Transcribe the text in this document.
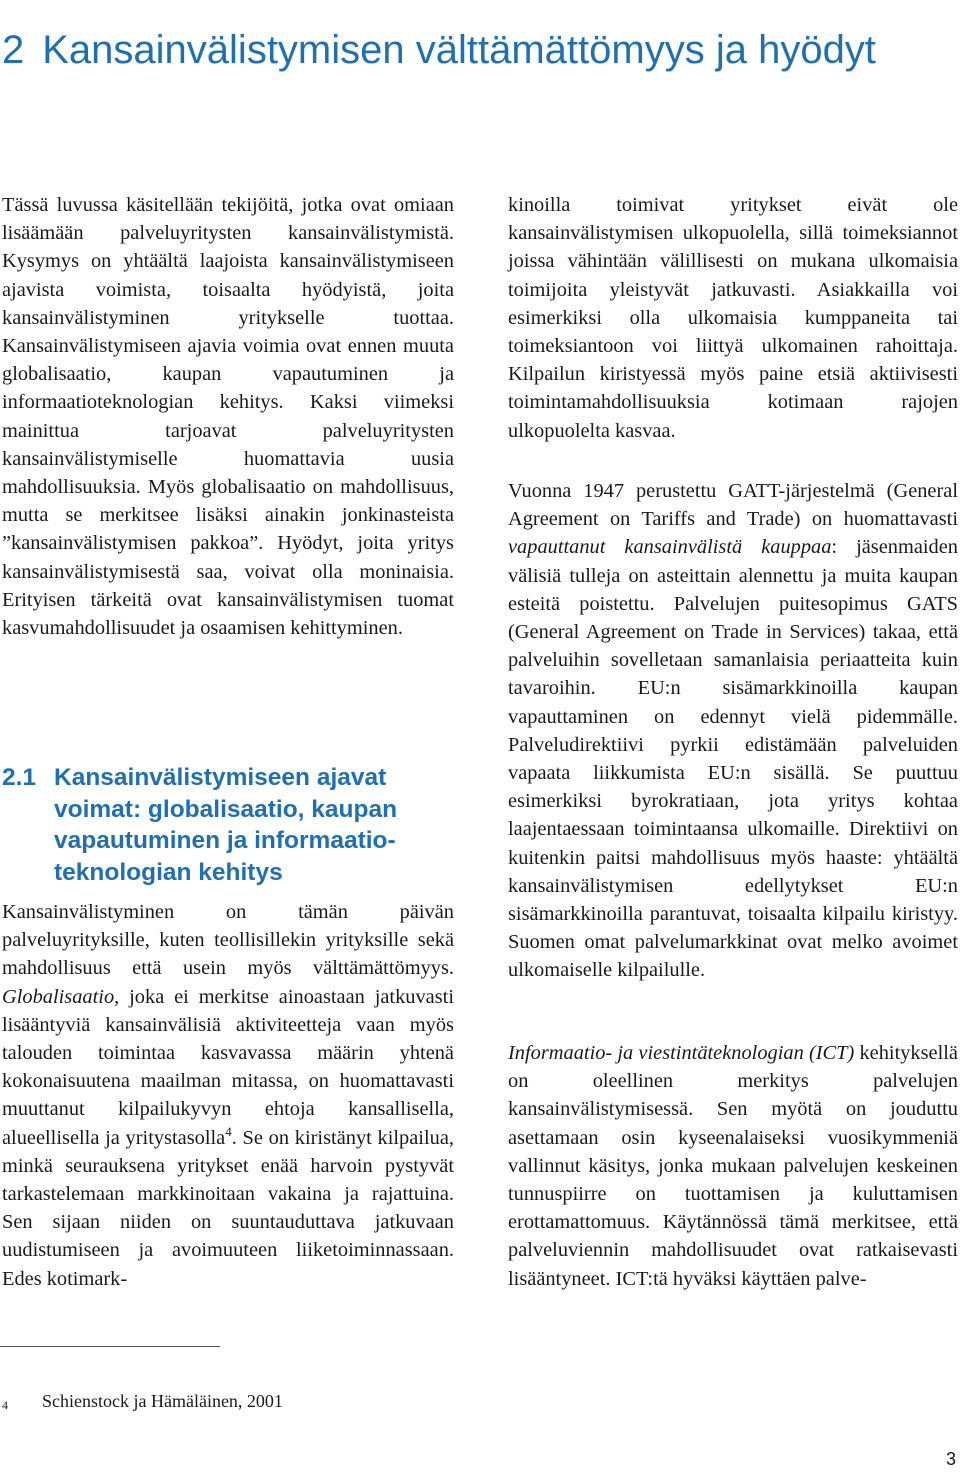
2 Kansainvälistymisen välttämättömyys ja hyödyt

Tässä luvussa käsitellään tekijöitä, jotka ovat omiaan lisäämään palveluyritysten kansainvälistymistä. Kysymys on yhtäältä laajoista kansainvälistymiseen ajavista voimista, toisaalta hyödyistä, joita kansainvälistyminen yritykselle tuottaa. Kansainvälistymiseen ajavia voimia ovat ennen muuta globalisaatio, kaupan vapautuminen ja informaatioteknologian kehitys. Kaksi viimeksi mainittua tarjoavat palveluyritysten kansainvälistymiselle huomattavia uusia mahdollisuuksia. Myös globalisaatio on mahdollisuus, mutta se merkitsee lisäksi ainakin jonkinasteista ”kansainvälistymisen pakkoa”. Hyödyt, joita yritys kansainvälistymisestä saa, voivat olla moninaisia. Erityisen tärkeitä ovat kansainvälistymisen tuomat kasvumahdollisuudet ja osaamisen kehittyminen.

2.1 Kansainvälistymiseen ajavat voimat: globalisaatio, kaupan vapautuminen ja informaatio-teknologian kehitys

Kansainvälistyminen on tämän päivän palveluyrityksille, kuten teollisillekin yrityksille sekä mahdollisuus että usein myös välttämättömyys. Globalisaatio, joka ei merkitse ainoastaan jatkuvasti lisääntyviä kansainvälisiä aktiviteetteja vaan myös talouden toimintaa kasvavassa määrin yhtenä kokonaisuutena maailman mitassa, on huomattavasti muuttanut kilpailukyvyn ehtoja kansallisella, alueellisella ja yritystasolla$^4$. Se on kiristänyt kilpailua, minkä seurauksena yritykset enää harvoin pystyvät tarkastelemaan markkinoitaan vakaina ja rajattuina. Sen sijaan niiden on suuntauduttava jatkuvaan uudistumiseen ja avoimuuteen liiketoiminnassaan. Edes kotimark-

kinoilla toimivat yritykset eivät ole kansainvälistymisen ulkopuolella, sillä toimeksiannot joissa vähintään välillisesti on mukana ulkomaisia toimijoita yleistyvät jatkuvasti. Asiakkailla voi esimerkiksi olla ulkomaisia kumppaneita tai toimeksiantoon voi liittyä ulkomainen rahoittaja. Kilpailun kiristyessä myös paine etsiä aktiivisesti toimintamahdollisuuksia kotimaan rajojen ulkopuolelta kasvaa.

Vuonna 1947 perustettu GATT-järjestelmä (General Agreement on Tariffs and Trade) on huomattavasti vapauttanut kansainvälistä kauppaa: jäsenmaiden välisiä tulleja on asteittain alennettu ja muita kaupan esteitä poistettu. Palvelujen puitesopimus GATS (General Agreement on Trade in Services) takaa, että palveluihin sovelletaan samanlaisia periaatteita kuin tavaroihin. EU:n sisämarkkinoilla kaupan vapauttaminen on edennyt vielä pidemmälle. Palveludirektiivi pyrkii edistämään palveluiden vapaata liikkumista EU:n sisällä. Se puuttuu esimerkiksi byrokratiaan, jota yritys kohtaa laajentaessaan toimintaansa ulkomaille. Direktiivi on kuitenkin paitsi mahdollisuus myös haaste: yhtäältä kansainvälistymisen edellytykset EU:n sisämarkkinoilla parantuvat, toisaalta kilpailu kiristyy. Suomen omat palvelumarkkinat ovat melko avoimet ulkomaiselle kilpailulle.

Informaatio- ja viestintäteknologian (ICT) kehityksellä on oleellinen merkitys palvelujen kansainvälistymisessä. Sen myötä on jouduttu asettamaan osin kyseenalaiseksi vuosikymmeniä vallinnut käsitys, jonka mukaan palvelujen keskeinen tunnuspiirre on tuottamisen ja kuluttamisen erottamattomuus. Käytännössä tämä merkitsee, että palveluviennin mahdollisuudet ovat ratkaisevasti lisääntyneet. ICT:tä hyväksi käyttäen palve-

4 Schienstock ja Hämäläinen, 2001
3
